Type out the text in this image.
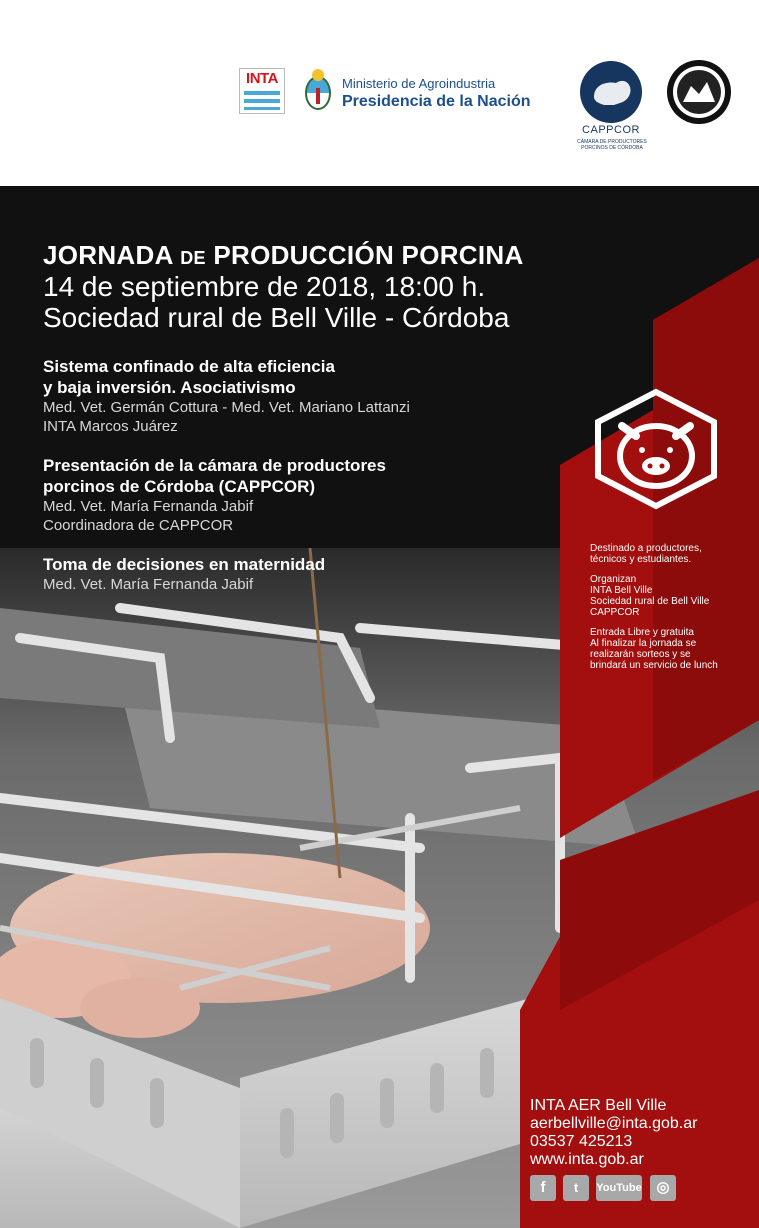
INTA	Ministerio de Agroindustria
Presidencia de la Nación
CAPPCOR
CÁMARA DE PRODUCTORES PORCINOS DE CÓRDOBA
JORNADA DE PRODUCCIÓN PORCINA
14 de septiembre de 2018, 18:00 h.
Sociedad rural de Bell Ville - Córdoba
Sistema confinado de alta eficiencia
y baja inversión. Asociativismo
Med. Vet. Germán Cottura - Med. Vet. Mariano Lattanzi
INTA Marcos Juárez
Presentación de la cámara de productores
porcinos de Córdoba (CAPPCOR)
Med. Vet. María Fernanda Jabif
Coordinadora de CAPPCOR
Toma de decisiones en maternidad
Med. Vet. María Fernanda Jabif
Destinado a productores,
técnicos y estudiantes.
Organizan
INTA Bell Ville
Sociedad rural de Bell Ville
CAPPCOR
Entrada Libre y gratuita
Al finalizar la jornada se
realizarán sorteos y se
brindará un servicio de lunch
INTA AER Bell Ville
aerbellville@inta.gob.ar
03537 425213
www.inta.gob.ar
f	t	YouTube ◎
